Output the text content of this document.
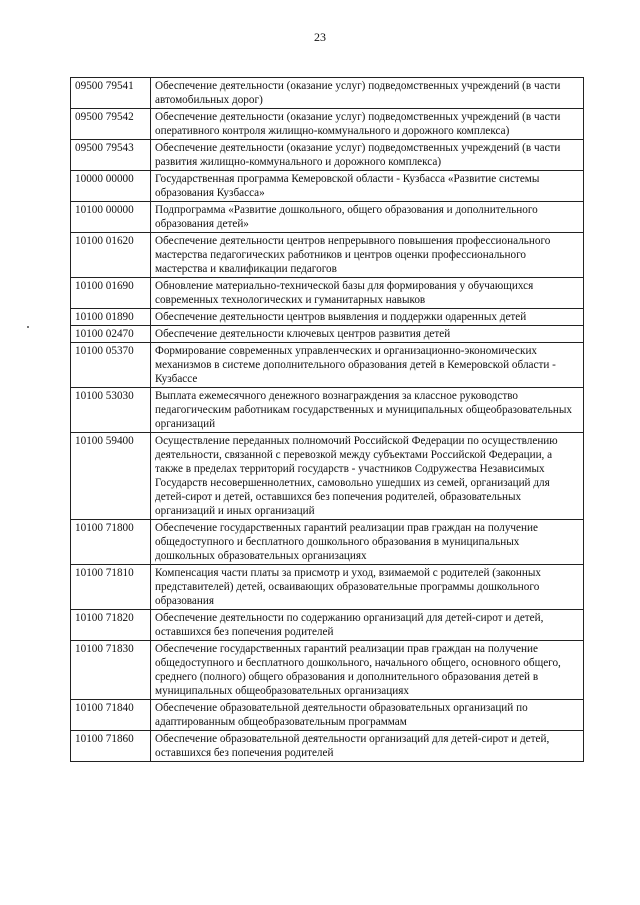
23
09500 79541	Обеспечение деятельности (оказание услуг) подведомственных учреждений (в части автомобильных дорог)
09500 79542	Обеспечение деятельности (оказание услуг) подведомственных учреждений (в части оперативного контроля жилищно-коммунального и дорожного комплекса)
09500 79543	Обеспечение деятельности (оказание услуг) подведомственных учреждений (в части развития жилищно-коммунального и дорожного комплекса)
10000 00000	Государственная программа Кемеровской области - Кузбасса «Развитие системы образования Кузбасса»
10100 00000	Подпрограмма «Развитие дошкольного, общего образования и дополнительного образования детей»
10100 01620	Обеспечение деятельности центров непрерывного повышения профессионального мастерства педагогических работников и центров оценки профессионального мастерства и квалификации педагогов
10100 01690	Обновление материально-технической базы для формирования у обучающихся современных технологических и гуманитарных навыков
10100 01890	Обеспечение деятельности центров выявления и поддержки одаренных детей
10100 02470	Обеспечение деятельности ключевых центров развития детей
10100 05370	Формирование современных управленческих и организационно-экономических механизмов в системе дополнительного образования детей в Кемеровской области - Кузбассе
10100 53030	Выплата ежемесячного денежного вознаграждения за классное руководство педагогическим работникам государственных и муниципальных общеобразовательных организаций
10100 59400	Осуществление переданных полномочий Российской Федерации по осуществлению деятельности, связанной с перевозкой между субъектами Российской Федерации, а также в пределах территорий государств - участников Содружества Независимых Государств несовершеннолетних, самовольно ушедших из семей, организаций для детей-сирот и детей, оставшихся без попечения родителей, образовательных организаций и иных организаций
10100 71800	Обеспечение государственных гарантий реализации прав граждан на получение общедоступного и бесплатного дошкольного образования в муниципальных дошкольных образовательных организациях
10100 71810	Компенсация части платы за присмотр и уход, взимаемой с родителей (законных представителей) детей, осваивающих образовательные программы дошкольного образования
10100 71820	Обеспечение деятельности по содержанию организаций для детей-сирот и детей, оставшихся без попечения родителей
10100 71830	Обеспечение государственных гарантий реализации прав граждан на получение общедоступного и бесплатного дошкольного, начального общего, основного общего, среднего (полного) общего образования и дополнительного образования детей в муниципальных общеобразовательных организациях
10100 71840	Обеспечение образовательной деятельности образовательных организаций по адаптированным общеобразовательным программам
10100 71860	Обеспечение образовательной деятельности организаций для детей-сирот и детей, оставшихся без попечения родителей
